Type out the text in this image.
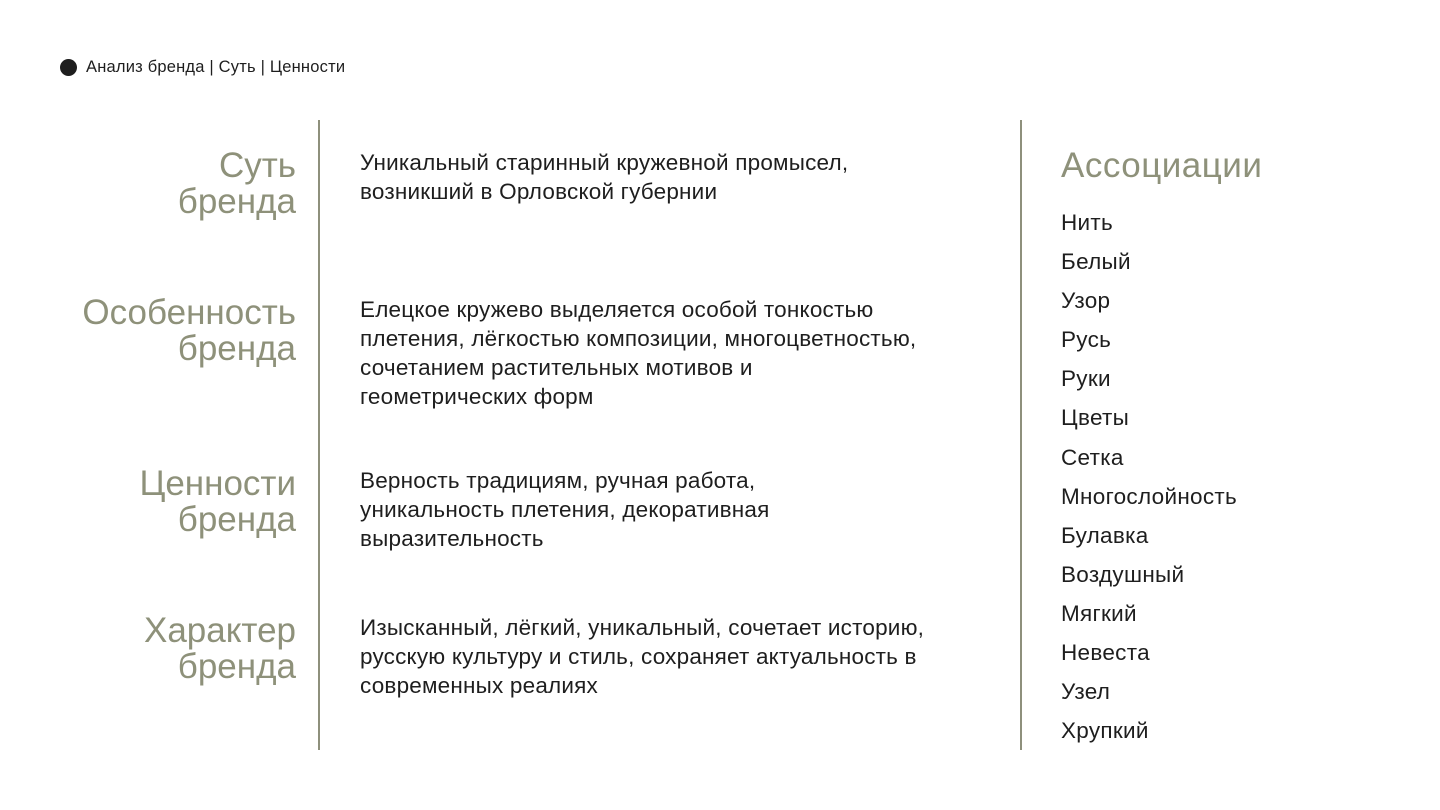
Анализ бренда | Суть | Ценности
Суть
бренда
Уникальный старинный кружевной промысел, возникший в Орловской губернии
Особенность
бренда
Елецкое кружево выделяется особой тонкостью плетения, лёгкостью композиции, многоцветностью, сочетанием растительных мотивов и геометрических форм
Ценности
бренда
Верность традициям, ручная работа, уникальность плетения, декоративная выразительность
Характер
бренда
Изысканный, лёгкий, уникальный, сочетает историю, русскую культуру и стиль, сохраняет актуальность в современных реалиях
Ассоциации
Нить
Белый
Узор
Русь
Руки
Цветы
Сетка
Многослойность
Булавка
Воздушный
Мягкий
Невеста
Узел
Хрупкий
